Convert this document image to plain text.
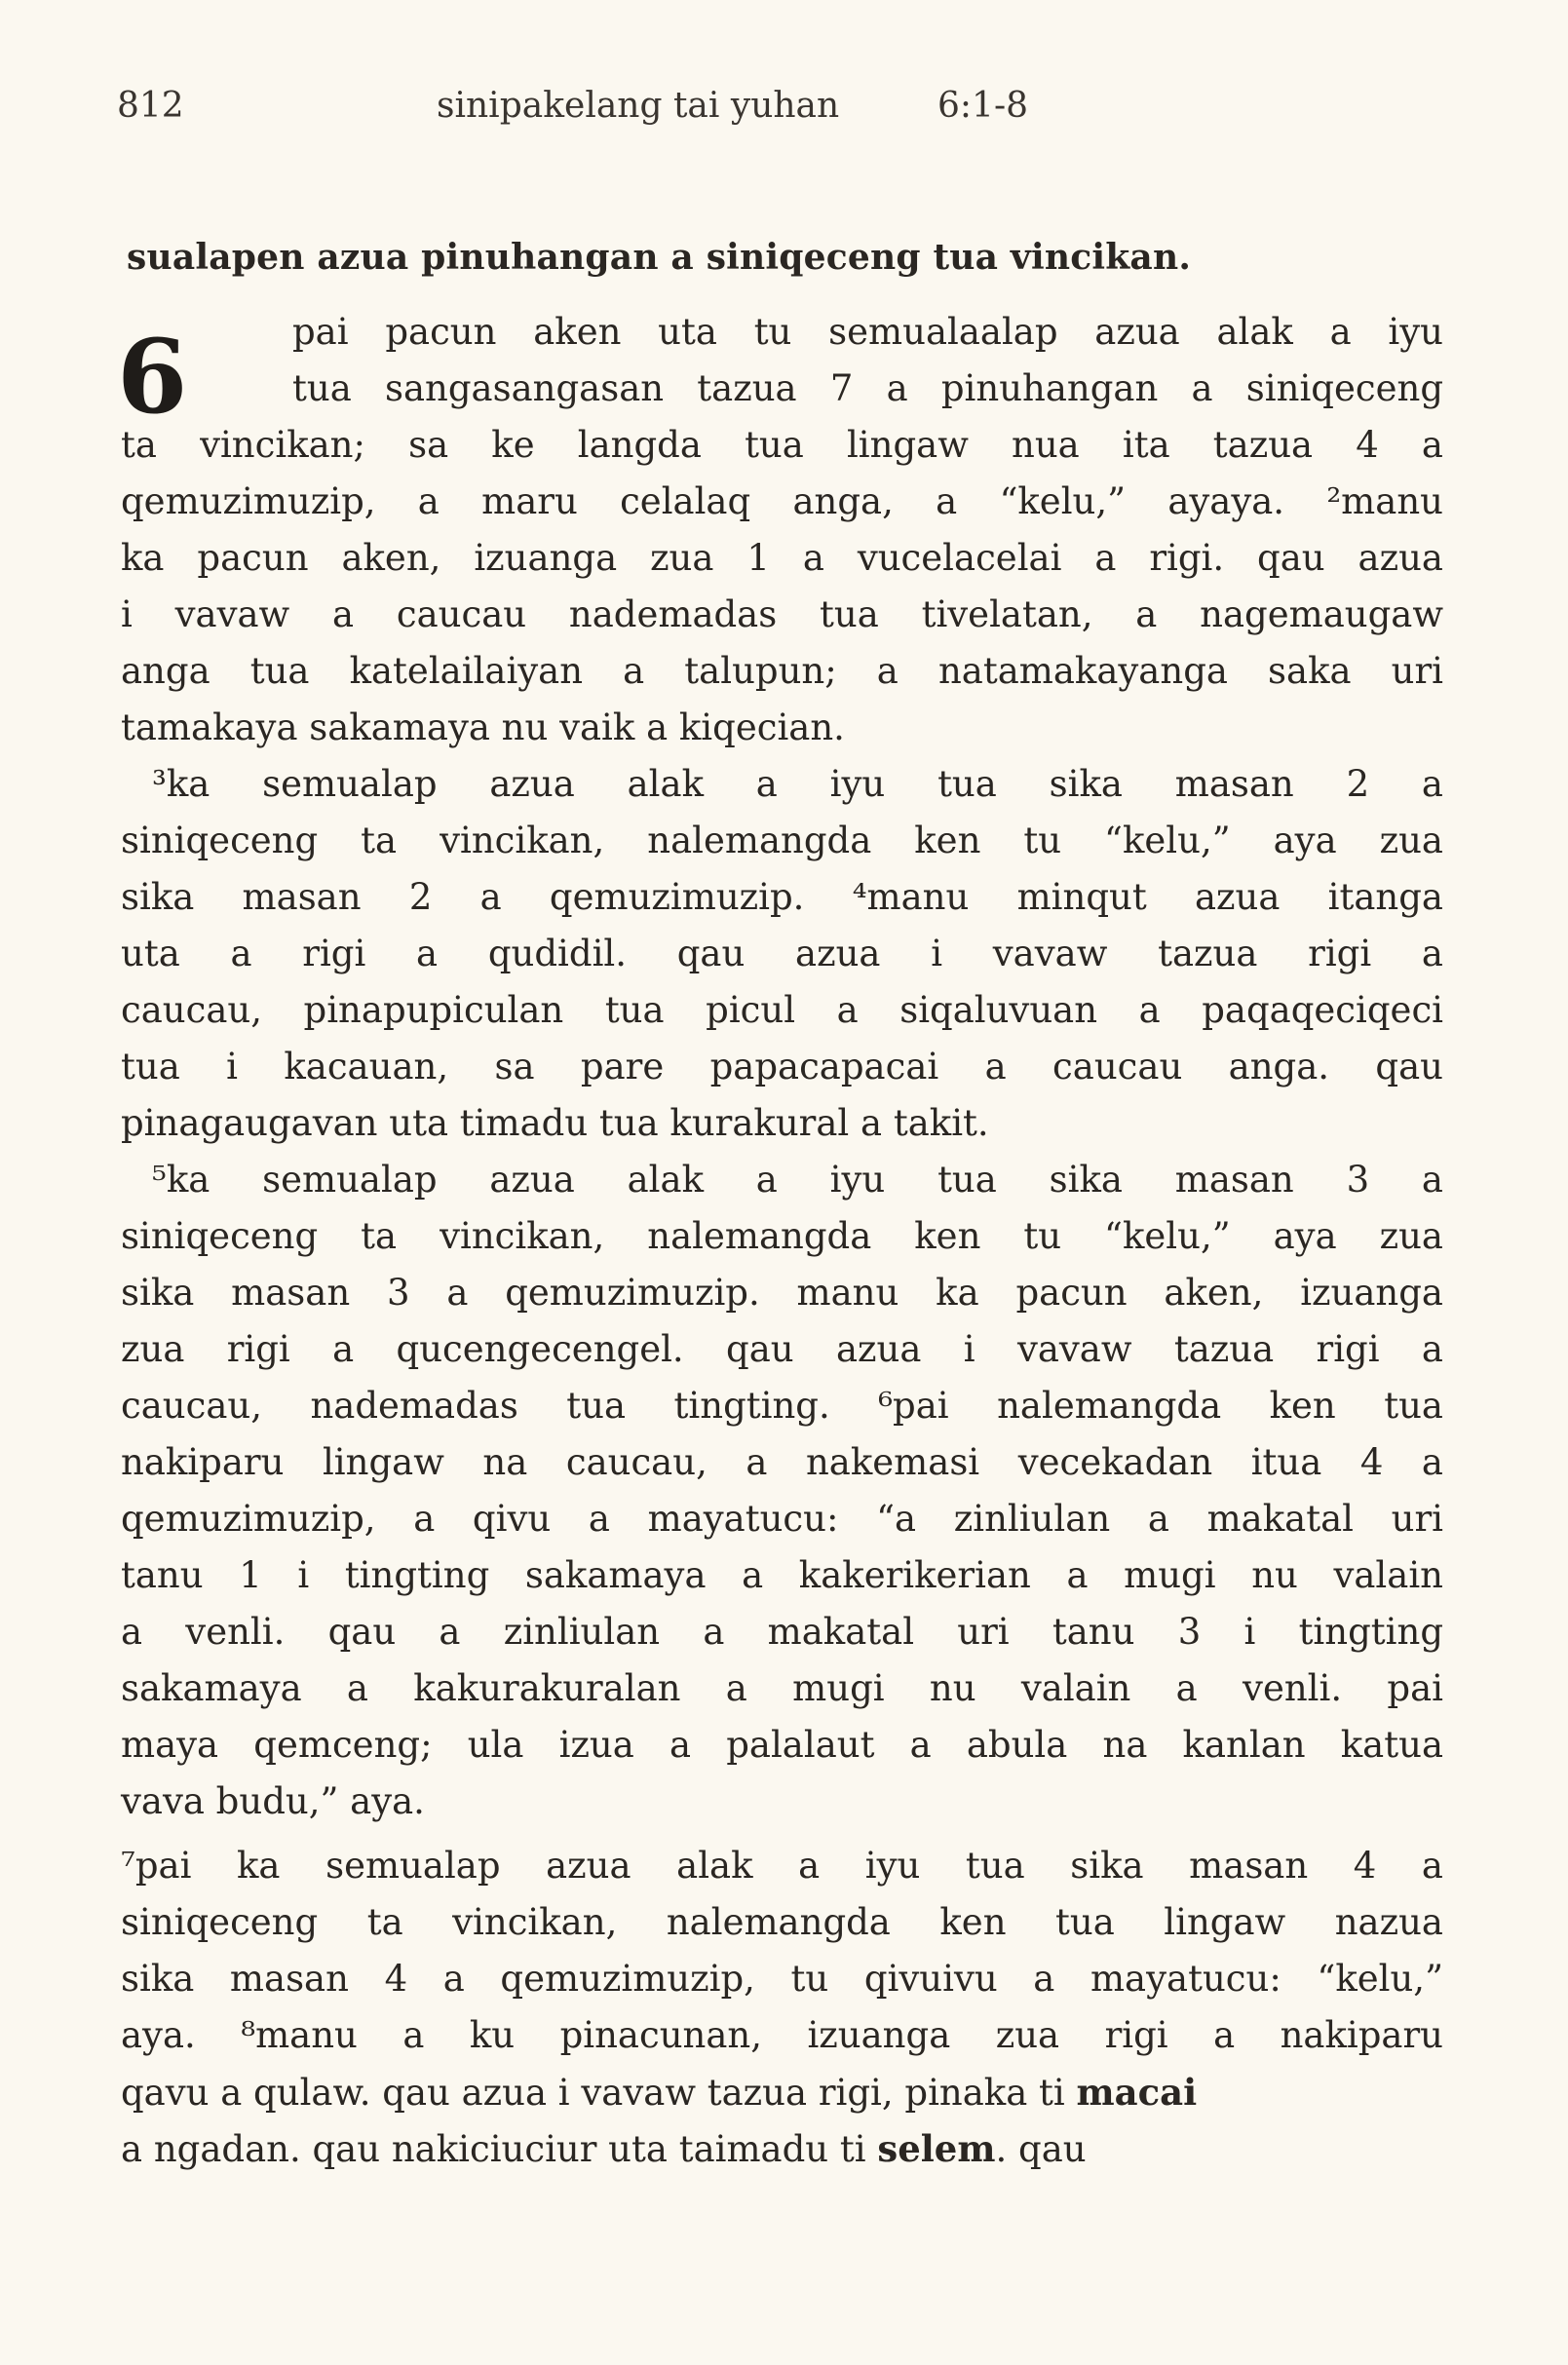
812	sinipakelang tai yuhan	6:1-8
sualapen azua pinuhangan a siniqeceng tua vincikan.
6	pai pacun aken uta tu semualaalap azua alak a iyu
tua sangasangasan tazua 7 a pinuhangan a siniqeceng
ta vincikan; sa ke langda tua lingaw nua ita tazua 4 a
qemuzimuzip, a maru celalaq anga, a “kelu,” ayaya. ²manu
ka pacun aken, izuanga zua 1 a vucelacelai a rigi. qau azua
i vavaw a caucau nademadas tua tivelatan, a nagemaugaw
anga tua katelailaiyan a talupun; a natamakayanga saka uri
tamakaya sakamaya nu vaik a kiqecian.
³ka semualap azua alak a iyu tua sika masan 2 a
siniqeceng ta vincikan, nalemangda ken tu “kelu,” aya zua
sika masan 2 a qemuzimuzip. ⁴manu minqut azua itanga
uta a rigi a qudidil. qau azua i vavaw tazua rigi a
caucau, pinapupiculan tua picul a siqaluvuan a paqaqeciqeci
tua i kacauan, sa pare papacapacai a caucau anga. qau
pinagaugavan uta timadu tua kurakural a takit.
⁵ka semualap azua alak a iyu tua sika masan 3 a
siniqeceng ta vincikan, nalemangda ken tu “kelu,” aya zua
sika masan 3 a qemuzimuzip. manu ka pacun aken, izuanga
zua rigi a qucengecengel. qau azua i vavaw tazua rigi a
caucau, nademadas tua tingting. ⁶pai nalemangda ken tua
nakiparu lingaw na caucau, a nakemasi vecekadan itua 4 a
qemuzimuzip, a qivu a mayatucu: “a zinliulan a makatal uri
tanu 1 i tingting sakamaya a kakerikerian a mugi nu valain
a venli. qau a zinliulan a makatal uri tanu 3 i tingting
sakamaya a kakurakuralan a mugi nu valain a venli. pai
maya qemceng; ula izua a palalaut a abula na kanlan katua
vava budu,” aya.
⁷pai ka semualap azua alak a iyu tua sika masan 4 a
siniqeceng ta vincikan, nalemangda ken tua lingaw nazua
sika masan 4 a qemuzimuzip, tu qivuivu a mayatucu: “kelu,”
aya. ⁸manu a ku pinacunan, izuanga zua rigi a nakiparu
qavu a qulaw. qau azua i vavaw tazua rigi, pinaka ti macai
a ngadan. qau nakiciuciur uta taimadu ti selem. qau
